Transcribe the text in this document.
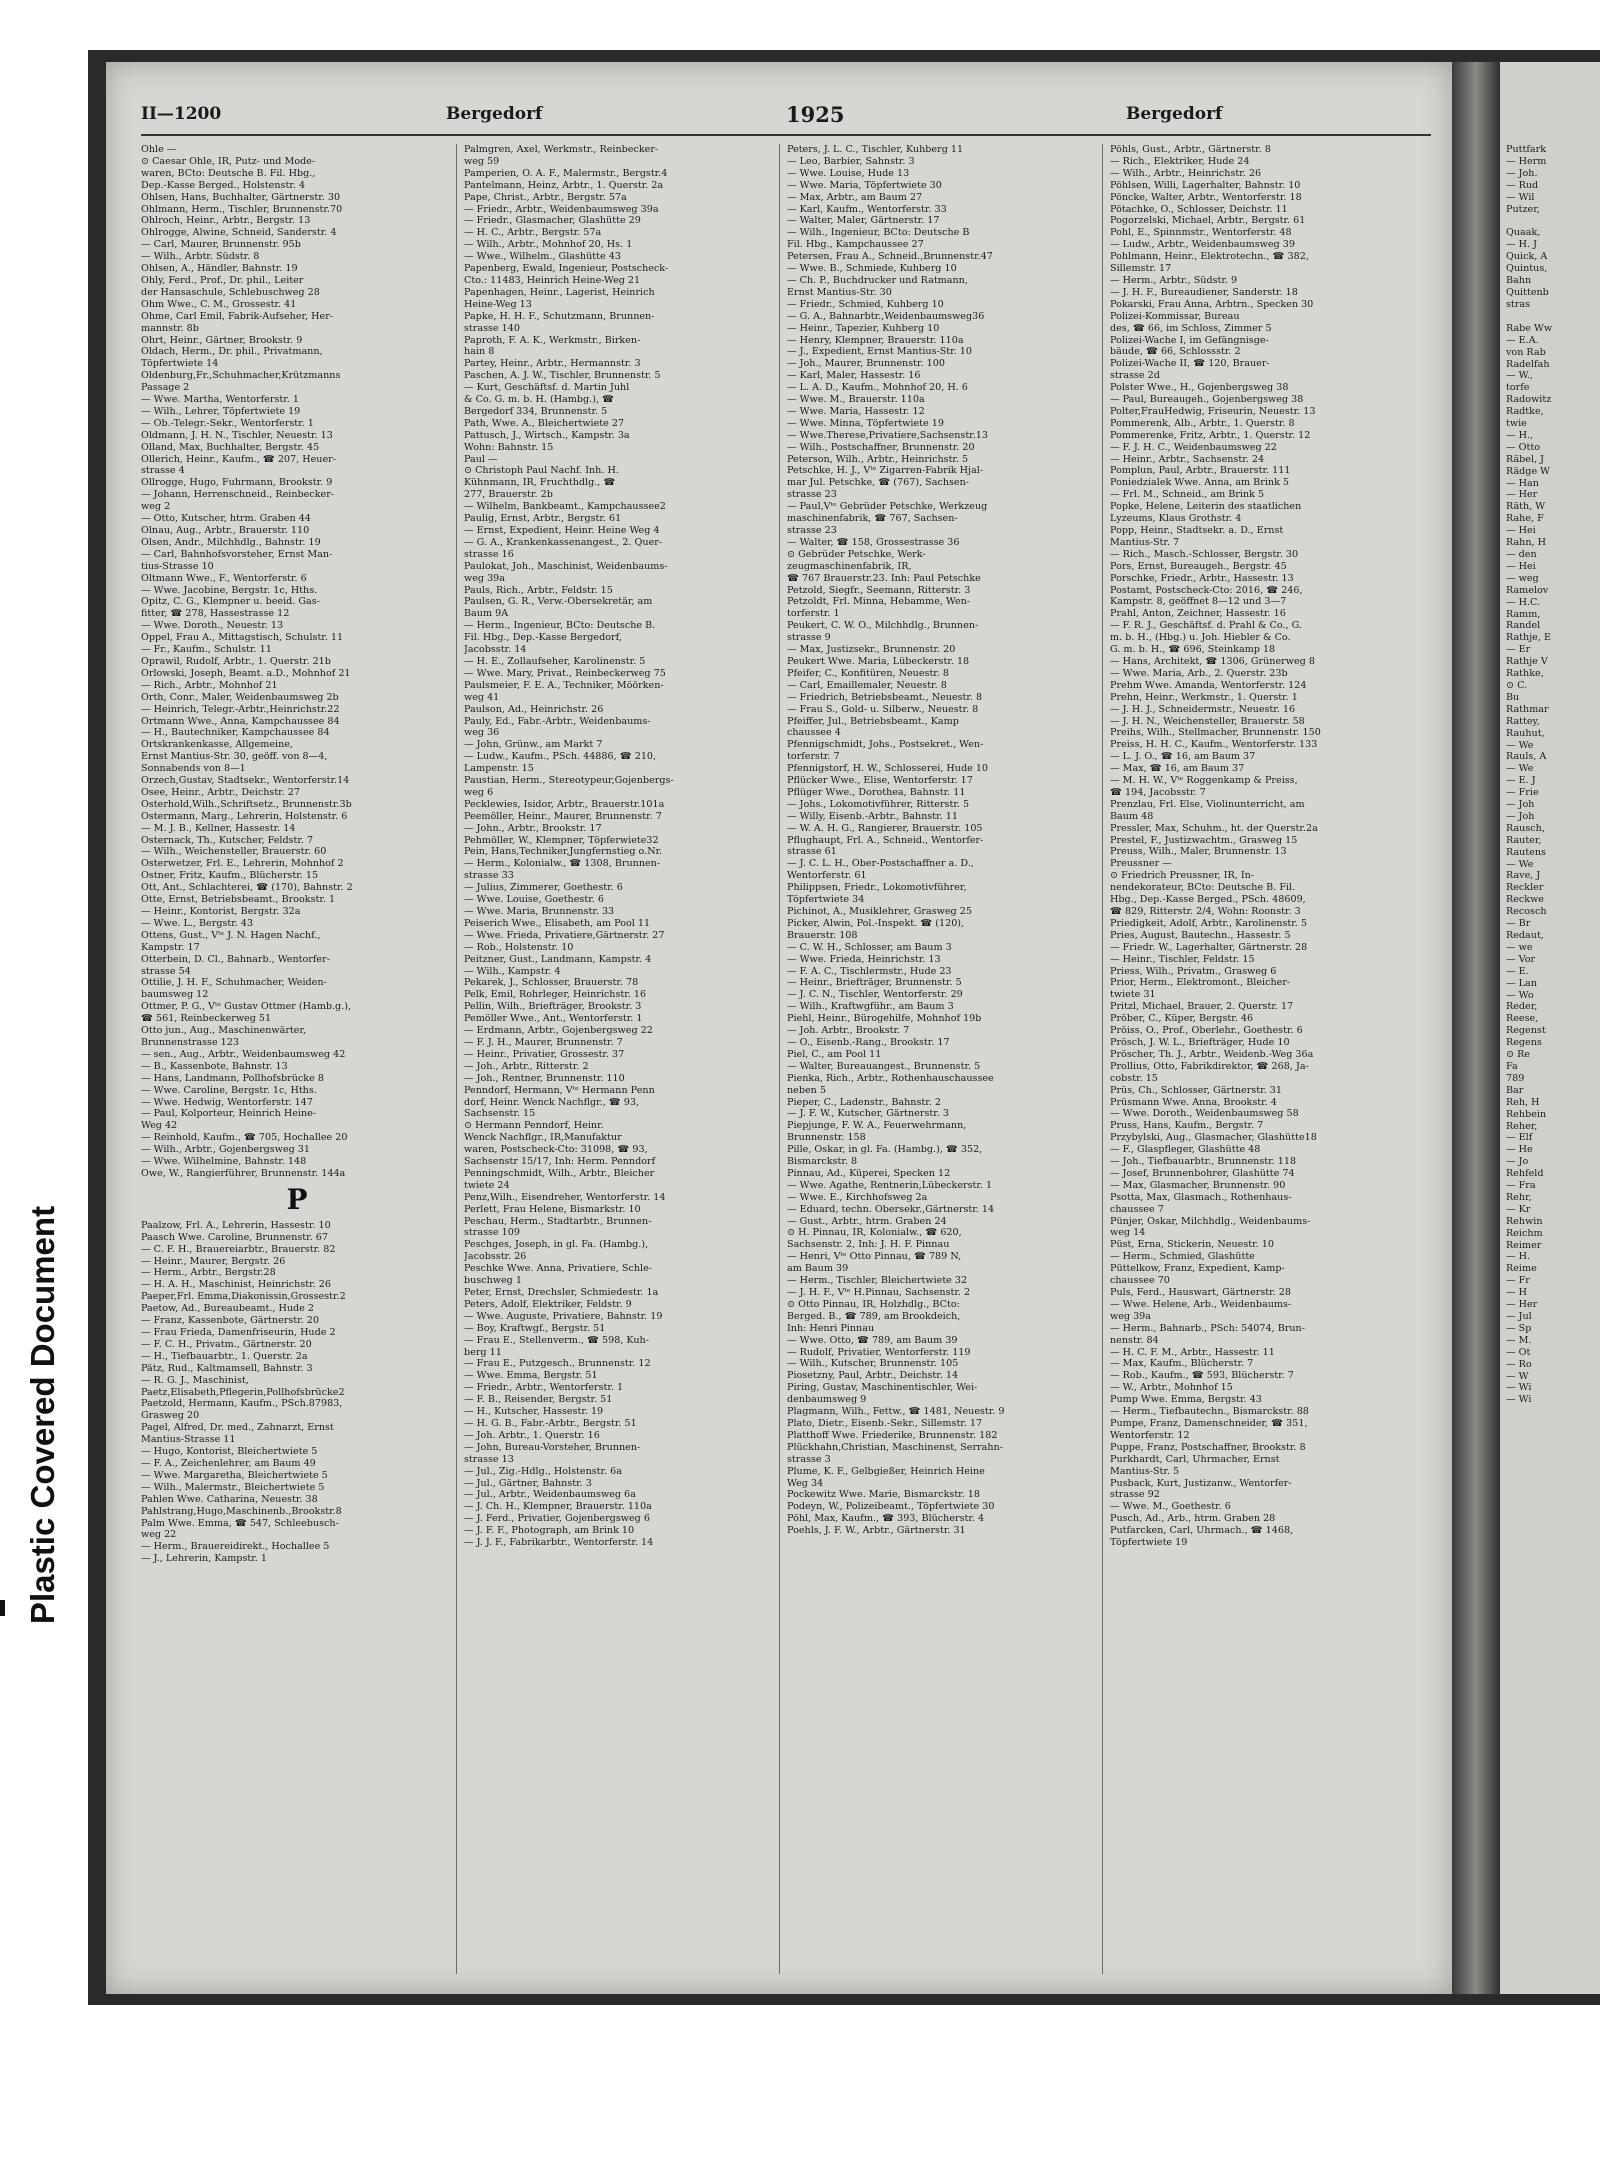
Plastic Covered Document
II—1200	Bergedorf	1925	Bergedorf
Ohle —
⊙ Caesar Ohle, IR, Putz- und Mode-
waren, BCto: Deutsche B. Fil. Hbg.,
Dep.-Kasse Berged., Holstenstr. 4
Ohlsen, Hans, Buchhalter, Gärtnerstr. 30
Ohlmann, Herm., Tischler, Brunnenstr.70
Ohlroch, Heinr., Arbtr., Bergstr. 13
Ohlrogge, Alwine, Schneid, Sanderstr. 4
— Carl, Maurer, Brunnenstr. 95b
— Wilh., Arbtr. Südstr. 8
Ohlsen, A., Händler, Bahnstr. 19
Ohly, Ferd., Prof., Dr. phil., Leiter
der Hansaschule, Schlebuschweg 28
Ohm Wwe., C. M., Grossestr. 41
Ohme, Carl Emil, Fabrik-Aufseher, Her-
mannstr. 8b
Ohrt, Heinr., Gärtner, Brookstr. 9
Oldach, Herm., Dr. phil., Privatmann,
Töpfertwiete 14
Oldenburg,Fr.,Schuhmacher,Krützmanns
Passage 2
— Wwe. Martha, Wentorferstr. 1
— Wilh., Lehrer, Töpfertwiete 19
— Ob.-Telegr.-Sekr., Wentorferstr. 1
Oldmann, J. H. N., Tischler, Neuestr. 13
Olland, Max, Buchhalter, Bergstr. 45
Ollerich, Heinr., Kaufm., ☎ 207, Heuer-
strasse 4
Ollrogge, Hugo, Fuhrmann, Brookstr. 9
— Johann, Herrenschneid., Reinbecker-
weg 2
— Otto, Kutscher, htrm. Graben 44
Olnau, Aug., Arbtr., Brauerstr. 110
Olsen, Andr., Milchhdlg., Bahnstr. 19
— Carl, Bahnhofsvorsteher, Ernst Man-
tius-Strasse 10
Oltmann Wwe., F., Wentorferstr. 6
— Wwe. Jacobine, Bergstr. 1c, Hths.
Opitz, C. G., Klempner u. beeid. Gas-
fitter, ☎ 278, Hassestrasse 12
— Wwe. Doroth., Neuestr. 13
Oppel, Frau A., Mittagstisch, Schulstr. 11
— Fr., Kaufm., Schulstr. 11
Oprawil, Rudolf, Arbtr., 1. Querstr. 21b
Orlowski, Joseph, Beamt. a.D., Mohnhof 21
— Rich., Arbtr., Mohnhof 21
Orth, Conr., Maler, Weidenbaumsweg 2b
— Heinrich, Telegr.-Arbtr.,Heinrichstr.22
Ortmann Wwe., Anna, Kampchaussee 84
— H., Bautechniker, Kampchaussee 84
Ortskrankenkasse, Allgemeine,
Ernst Mantius-Str. 30, geöff. von 8—4,
Sonnabends von 8—1
Orzech,Gustav, Stadtsekr., Wentorferstr.14
Osee, Heinr., Arbtr., Deichstr. 27
Osterhold,Wilh.,Schriftsetz., Brunnenstr.3b
Ostermann, Marg., Lehrerin, Holstenstr. 6
— M. J. B., Kellner, Hassestr. 14
Osternack, Th., Kutscher, Feldstr. 7
— Wilh., Weichensteller, Brauerstr. 60
Osterwetzer, Frl. E., Lehrerin, Mohnhof 2
Ostner, Fritz, Kaufm., Blücherstr. 15
Ott, Ant., Schlachterei, ☎ (170), Bahnstr. 2
Otte, Ernst, Betriebsbeamt., Brookstr. 1
— Heinr., Kontorist, Bergstr. 32a
— Wwe. L., Bergstr. 43
Ottens, Gust., Vᵗᵉ J. N. Hagen Nachf.,
Kampstr. 17
Otterbein, D. Cl., Bahnarb., Wentorfer-
strasse 54
Ottilie, J. H. F., Schuhmacher, Weiden-
baumsweg 12
Ottmer, P. G., Vᵗᵉ Gustav Ottmer (Hamb.g.),
☎ 561, Reinbeckerweg 51
Otto jun., Aug., Maschinenwärter,
Brunnenstrasse 123
— sen., Aug., Arbtr., Weidenbaumsweg 42
— B., Kassenbote, Bahnstr. 13
— Hans, Landmann, Pollhofsbrücke 8
— Wwe. Caroline, Bergstr. 1c, Hths.
— Wwe. Hedwig, Wentorferstr. 147
— Paul, Kolporteur, Heinrich Heine-
Weg 42
— Reinhold, Kaufm., ☎ 705, Hochallee 20
— Wilh., Arbtr., Gojenbergsweg 31
— Wwe. Wilhelmine, Bahnstr. 148
Owe, W., Rangierführer, Brunnenstr. 144a
P
Paalzow, Frl. A., Lehrerin, Hassestr. 10
Paasch Wwe. Caroline, Brunnenstr. 67
— C. F. H., Brauereiarbtr., Brauerstr. 82
— Heinr., Maurer, Bergstr. 26
— Herm., Arbtr., Bergstr.28
— H. A. H., Maschinist, Heinrichstr. 26
Paeper,Frl. Emma,Diakonissin,Grossestr.2
Paetow, Ad., Bureaubeamt., Hude 2
— Franz, Kassenbote, Gärtnerstr. 20
— Frau Frieda, Damenfriseurin, Hude 2
— F. C. H., Privatm., Gärtnerstr. 20
— H., Tiefbauarbtr., 1. Querstr. 2a
Pätz, Rud., Kaltmamsell, Bahnstr. 3
— R. G. J., Maschinist,
Paetz,Elisabeth,Pflegerin,Pollhofsbrücke2
Paetzold, Hermann, Kaufm., PSch.87983,
Grasweg 20
Pagel, Alfred, Dr. med., Zahnarzt, Ernst
Mantius-Strasse 11
— Hugo, Kontorist, Bleichertwiete 5
— F. A., Zeichenlehrer, am Baum 49
— Wwe. Margaretha, Bleichertwiete 5
— Wilh., Malermstr., Bleichertwiete 5
Pahlen Wwe. Catharina, Neuestr. 38
Pahlstrang,Hugo,Maschinenb.,Brookstr.8
Palm Wwe. Emma, ☎ 547, Schleebusch-
weg 22
— Herm., Brauereidirekt., Hochallee 5
— J., Lehrerin, Kampstr. 1
Palmgren, Axel, Werkmstr., Reinbecker-
weg 59
Pamperien, O. A. F., Malermstr., Bergstr.4
Pantelmann, Heinz, Arbtr., 1. Querstr. 2a
Pape, Christ., Arbtr., Bergstr. 57a
— Friedr., Arbtr., Weidenbaumsweg 39a
— Friedr., Glasmacher, Glashütte 29
— H. C., Arbtr., Bergstr. 57a
— Wilh., Arbtr., Mohnhof 20, Hs. 1
— Wwe., Wilhelm., Glashütte 43
Papenberg, Ewald, Ingenieur, Postscheck-
Cto.: 11483, Heinrich Heine-Weg 21
Papenhagen, Heinr., Lagerist, Heinrich
Heine-Weg 13
Papke, H. H. F., Schutzmann, Brunnen-
strasse 140
Paproth, F. A. K., Werkmstr., Birken-
hain 8
Partey, Heinr., Arbtr., Hermannstr. 3
Paschen, A. J. W., Tischler, Brunnenstr. 5
— Kurt, Geschäftsf. d. Martin Juhl
& Co. G. m. b. H. (Hambg.), ☎
Bergedorf 334, Brunnenstr. 5
Path, Wwe. A., Bleichertwiete 27
Pattusch, J., Wirtsch., Kampstr. 3a
Wohn: Bahnstr. 15
Paul —
⊙ Christoph Paul Nachf. Inh. H.
Kühnmann, IR, Fruchthdlg., ☎
277, Brauerstr. 2b
— Wilhelm, Bankbeamt., Kampchaussee2
Paulig, Ernst, Arbtr., Bergstr. 61
— Ernst, Expedient, Heinr. Heine Weg 4
— G. A., Krankenkassenangest., 2. Quer-
strasse 16
Paulokat, Joh., Maschinist, Weidenbaums-
weg 39a
Pauls, Rich., Arbtr., Feldstr. 15
Paulsen, G. R., Verw.-Obersekretär, am
Baum 9A
— Herm., Ingenieur, BCto: Deutsche B.
Fil. Hbg., Dep.-Kasse Bergedorf,
Jacobsstr. 14
— H. E., Zollaufseher, Karolinenstr. 5
— Wwe. Mary, Privat., Reinbeckerweg 75
Paulsmeier, F. E. A., Techniker, Möörken-
weg 41
Paulson, Ad., Heinrichstr. 26
Pauly, Ed., Fabr.-Arbtr., Weidenbaums-
weg 36
— John, Grünw., am Markt 7
— Ludw., Kaufm., PSch. 44886, ☎ 210,
Lampenstr. 15
Paustian, Herm., Stereotypeur,Gojenbergs-
weg 6
Pecklewies, Isidor, Arbtr., Brauerstr.101a
Peemöller, Heinr., Maurer, Brunnenstr. 7
— John., Arbtr., Brookstr. 17
Pehmöller, W., Klempner, Töpferwiete32
Pein, Hans,Techniker,Jungfernstieg o.Nr.
— Herm., Kolonialw., ☎ 1308, Brunnen-
strasse 33
— Julius, Zimmerer, Goethestr. 6
— Wwe. Louise, Goethestr. 6
— Wwe. Maria, Brunnenstr. 33
Peiserich Wwe., Elisabeth, am Pool 11
— Wwe. Frieda, Privatiere,Gärtnerstr. 27
— Rob., Holstenstr. 10
Peitzner, Gust., Landmann, Kampstr. 4
— Wilh., Kampstr. 4
Pekarek, J., Schlosser, Brauerstr. 78
Pelk, Emil, Rohrleger, Heinrichstr. 16
Pellin, Wilh., Briefträger, Brookstr. 3
Pemöller Wwe., Ant., Wentorferstr. 1
— Erdmann, Arbtr., Gojenbergsweg 22
— F. J. H., Maurer, Brunnenstr. 7
— Heinr., Privatier, Grossestr. 37
— Joh., Arbtr., Ritterstr. 2
— Joh., Rentner, Brunnenstr. 110
Penndorf, Hermann, Vᵗᵉ Hermann Penn
dorf, Heinr. Wenck Nachflgr., ☎ 93,
Sachsenstr. 15
⊙ Hermann Penndorf, Heinr.
Wenck Nachflgr., IR,Manufaktur
waren, Postscheck-Cto: 31098, ☎ 93,
Sachsenstr 15/17, Inh: Herm. Penndorf
Penningschmidt, Wilh., Arbtr., Bleicher
twiete 24
Penz,Wilh., Eisendreher, Wentorferstr. 14
Perlett, Frau Helene, Bismarkstr. 10
Peschau, Herm., Stadtarbtr., Brunnen-
strasse 109
Peschges, Joseph, in gl. Fa. (Hambg.),
Jacobsstr. 26
Peschke Wwe. Anna, Privatiere, Schle-
buschweg 1
Peter, Ernst, Drechsler, Schmiedestr. 1a
Peters, Adolf, Elektriker, Feldstr. 9
— Wwe. Auguste, Privatiere, Bahnstr. 19
— Boy, Kraftwgf., Bergstr. 51
— Frau E., Stellenverm., ☎ 598, Kuh-
berg 11
— Frau E., Putzgesch., Brunnenstr. 12
— Wwe. Emma, Bergstr. 51
— Friedr., Arbtr., Wentorferstr. 1
— F. B., Reisender, Bergstr. 51
— H., Kutscher, Hassestr. 19
— H. G. B., Fabr.-Arbtr., Bergstr. 51
— Joh. Arbtr., 1. Querstr. 16
— John, Bureau-Vorsteher, Brunnen-
strasse 13
— Jul., Zig.-Hdlg., Holstenstr. 6a
— Jul., Gärtner, Bahnstr. 3
— Jul., Arbtr., Weidenbaumsweg 6a
— J. Ch. H., Klempner, Brauerstr. 110a
— J. Ferd., Privatier, Gojenbergsweg 6
— J. F. F., Photograph, am Brink 10
— J. J. F., Fabrikarbtr., Wentorferstr. 14
Peters, J. L. C., Tischler, Kuhberg 11
— Leo, Barbier, Sahnstr. 3
— Wwe. Louise, Hude 13
— Wwe. Maria, Töpfertwiete 30
— Max, Arbtr., am Baum 27
— Karl, Kaufm., Wentorferstr. 33
— Walter, Maler, Gärtnerstr. 17
— Wilh., Ingenieur, BCto: Deutsche B
Fil. Hbg., Kampchaussee 27
Petersen, Frau A., Schneid.,Brunnenstr.47
— Wwe. B., Schmiede, Kuhberg 10
— Ch. P., Buchdrucker und Ratmann,
Ernst Mantius-Str. 30
— Friedr., Schmied, Kuhberg 10
— G. A., Bahnarbtr.,Weidenbaumsweg36
— Heinr., Tapezier, Kuhberg 10
— Henry, Klempner, Brauerstr. 110a
— J., Expedient, Ernst Mantius-Str. 10
— Joh., Maurer, Brunnenstr. 100
— Karl, Maler, Hassestr. 16
— L. A. D., Kaufm., Mohnhof 20, H. 6
— Wwe. M., Brauerstr. 110a
— Wwe. Maria, Hassestr. 12
— Wwe. Minna, Töpfertwiete 19
— Wwe.Therese,Privatiere,Sachsenstr.13
— Wilh., Postschaffner, Brunnenstr. 20
Peterson, Wilh., Arbtr., Heinrichstr. 5
Petschke, H. J., Vᵗᵉ Zigarren-Fabrik Hjal-
mar Jul. Petschke, ☎ (767), Sachsen-
strasse 23
— Paul,Vᵗᵉ Gebrüder Petschke, Werkzeug
maschinenfabrik, ☎ 767, Sachsen-
strasse 23
— Walter, ☎ 158, Grossestrasse 36
⊙ Gebrüder Petschke, Werk-
zeugmaschinenfabrik, IR,
☎ 767 Brauerstr.23. Inh: Paul Petschke
Petzold, Siegfr., Seemann, Ritterstr. 3
Petzoldt, Frl. Minna, Hebamme, Wen-
torferstr. 1
Peukert, C. W. O., Milchhdlg., Brunnen-
strasse 9
— Max, Justizsekr., Brunnenstr. 20
Peukert Wwe. Maria, Lübeckerstr. 18
Pfeifer, C., Konfitüren, Neuestr. 8
— Carl, Emaillemaler, Neuestr. 8
— Friedrich, Betriebsbeamt., Neuestr. 8
— Frau S., Gold- u. Silberw., Neuestr. 8
Pfeiffer, Jul., Betriebsbeamt., Kamp
chaussee 4
Pfennigschmidt, Johs., Postsekret., Wen-
torferstr. 7
Pfennigstorf, H. W., Schlosserei, Hude 10
Pflücker Wwe., Elise, Wentorferstr. 17
Pflüger Wwe., Dorothea, Bahnstr. 11
— Johs., Lokomotivführer, Ritterstr. 5
— Willy, Eisenb.-Arbtr., Bahnstr. 11
— W. A. H. G., Rangierer, Brauerstr. 105
Pflughaupt, Frl. A., Schneid., Wentorfer-
strasse 61
— J. C. L. H., Ober-Postschaffner a. D.,
Wentorferstr. 61
Philippsen, Friedr., Lokomotivführer,
Töpfertwiete 34
Pichinot, A., Musiklehrer, Grasweg 25
Picker, Alwin, Pol.-Inspekt. ☎ (120),
Brauerstr. 108
— C. W. H., Schlosser, am Baum 3
— Wwe. Frieda, Heinrichstr. 13
— F. A. C., Tischlermstr., Hude 23
— Heinr., Briefträger, Brunnenstr. 5
— J. C. N., Tischler, Wentorferstr. 29
— Wilh., Kraftwgführ., am Baum 3
Piehl, Heinr., Bürogehilfe, Mohnhof 19b
— Joh. Arbtr., Brookstr. 7
— O., Eisenb.-Rang., Brookstr. 17
Piel, C., am Pool 11
— Walter, Bureauangest., Brunnenstr. 5
Pienka, Rich., Arbtr., Rothenhauschaussee
neben 5
Pieper, C., Ladenstr., Bahnstr. 2
— J. F. W., Kutscher, Gärtnerstr. 3
Piepjunge, F. W. A., Feuerwehrmann,
Brunnenstr. 158
Pille, Oskar, in gl. Fa. (Hambg.), ☎ 352,
Bismarckstr. 8
Pinnau, Ad., Küperei, Specken 12
— Wwe. Agathe, Rentnerin,Lübeckerstr. 1
— Wwe. E., Kirchhofsweg 2a
— Eduard, techn. Obersekr.,Gärtnerstr. 14
— Gust., Arbtr., htrm. Graben 24
⊙ H. Pinnau, IR, Kolonialw., ☎ 620,
Sachsenstr. 2, Inh: J. H. F. Pinnau
— Henri, Vᵗᵉ Otto Pinnau, ☎ 789 N,
am Baum 39
— Herm., Tischler, Bleichertwiete 32
— J. H. F., Vᵗᵉ H.Pinnau, Sachsenstr. 2
⊙ Otto Pinnau, IR, Holzhdlg., BCto:
Berged. B., ☎ 789, am Brookdeich,
Inh: Henri Pinnau
— Wwe. Otto, ☎ 789, am Baum 39
— Rudolf, Privatier, Wentorferstr. 119
— Wilh., Kutscher, Brunnenstr. 105
Piosetzny, Paul, Arbtr., Deichstr. 14
Piring, Gustav, Maschinentischler, Wei-
denbaumsweg 9
Plagmann, Wilh., Fettw., ☎ 1481, Neuestr. 9
Plato, Dietr., Eisenb.-Sekr., Sillemstr. 17
Platthoff Wwe. Friederike, Brunnenstr. 182
Plückhahn,Christian, Maschinenst, Serrahn-
strasse 3
Plume, K. F., Gelbgießer, Heinrich Heine
Weg 34
Pockewitz Wwe. Marie, Bismarckstr. 18
Podeyn, W., Polizeibeamt., Töpfertwiete 30
Pöhl, Max, Kaufm., ☎ 393, Blücherstr. 4
Poehls, J. F. W., Arbtr., Gärtnerstr. 31
Pöhls, Gust., Arbtr., Gärtnerstr. 8
— Rich., Elektriker, Hude 24
— Wilh., Arbtr., Heinrichstr. 26
Pöhlsen, Willi, Lagerhalter, Bahnstr. 10
Pöncke, Walter, Arbtr., Wentorferstr. 18
Pötachke, O., Schlosser, Deichstr. 11
Pogorzelski, Michael, Arbtr., Bergstr. 61
Pohl, E., Spinnmstr., Wentorferstr. 48
— Ludw., Arbtr., Weidenbaumsweg 39
Pohlmann, Heinr., Elektrotechn., ☎ 382,
Sillemstr. 17
— Herm., Arbtr., Südstr. 9
— J. H. F., Bureaudiener, Sanderstr. 18
Pokarski, Frau Anna, Arbtrn., Specken 30
Polizei-Kommissar, Bureau
des, ☎ 66, im Schloss, Zimmer 5
Polizei-Wache I, im Gefängnisge-
bäude, ☎ 66, Schlossstr. 2
Polizei-Wache II, ☎ 120, Brauer-
strasse 2d
Polster Wwe., H., Gojenbergsweg 38
— Paul, Bureaugeh., Gojenbergsweg 38
Polter,FrauHedwig, Friseurin, Neuestr. 13
Pommerenk, Alb., Arbtr., 1. Querstr. 8
Pommerenke, Fritz, Arbtr., 1. Querstr. 12
— F. J. H. C., Weidenbaumsweg 22
— Heinr., Arbtr., Sachsenstr. 24
Pomplun, Paul, Arbtr., Brauerstr. 111
Poniedzialek Wwe. Anna, am Brink 5
— Frl. M., Schneid., am Brink 5
Popke, Helene, Leiterin des staatlichen
Lyzeums, Klaus Grothstr. 4
Popp, Heinr., Stadtsekr. a. D., Ernst
Mantius-Str. 7
— Rich., Masch.-Schlosser, Bergstr. 30
Pors, Ernst, Bureaugeh., Bergstr. 45
Porschke, Friedr., Arbtr., Hassestr. 13
Postamt, Postscheck-Cto: 2016, ☎ 246,
Kampstr. 8, geöffnet 8—12 und 3—7
Prahl, Anton, Zeichner, Hassestr. 16
— F. R. J., Geschäftsf. d. Prahl & Co., G.
m. b. H., (Hbg.) u. Joh. Hiebler & Co.
G. m. b. H., ☎ 696, Steinkamp 18
— Hans, Architekt, ☎ 1306, Grünerweg 8
— Wwe. Maria, Arb., 2. Querstr. 23b
Prehm Wwe. Amanda, Wentorferstr. 124
Prehn, Heinr., Werkmstr., 1. Querstr. 1
— J. H. J., Schneidermstr., Neuestr. 16
— J. H. N., Weichensteller, Brauerstr. 58
Preihs, Wilh., Stellmacher, Brunnenstr. 150
Preiss, H. H. C., Kaufm., Wentorferstr. 133
— L. J. O., ☎ 16, am Baum 37
— Max, ☎ 16, am Baum 37
— M. H. W., Vᵗᵉ Roggenkamp & Preiss,
☎ 194, Jacobsstr. 7
Prenzlau, Frl. Else, Violinunterricht, am
Baum 48
Pressler, Max, Schuhm., ht. der Querstr.2a
Prestel, F., Justizwachtm., Grasweg 15
Preuss, Wilh., Maler, Brunnenstr. 13
Preussner —
⊙ Friedrich Preussner, IR, In-
nendekorateur, BCto: Deutsche B. Fil.
Hbg., Dep.-Kasse Berged., PSch. 48609,
☎ 829, Ritterstr. 2/4, Wohn: Roonstr. 3
Priedigkeit, Adolf, Arbtr., Karolinenstr. 5
Pries, August, Bautechn., Hassestr. 5
— Friedr. W., Lagerhalter, Gärtnerstr. 28
— Heinr., Tischler, Feldstr. 15
Priess, Wilh., Privatm., Grasweg 6
Prior, Herm., Elektromont., Bleicher-
twiete 31
Pritzl, Michael, Brauer, 2. Querstr. 17
Pröber, C., Küper, Bergstr. 46
Pröiss, O., Prof., Oberlehr., Goethestr. 6
Prösch, J. W. L., Briefträger, Hude 10
Pröscher, Th. J., Arbtr., Weidenb.-Weg 36a
Prollius, Otto, Fabrikdirektor, ☎ 268, Ja-
cobstr. 15
Prüs, Ch., Schlosser, Gärtnerstr. 31
Prüsmann Wwe. Anna, Brookstr. 4
— Wwe. Doroth., Weidenbaumsweg 58
Pruss, Hans, Kaufm., Bergstr. 7
Przybylski, Aug., Glasmacher, Glashütte18
— F., Glaspfleger, Glashütte 48
— Joh., Tiefbauarbtr., Brunnenstr. 118
— Josef, Brunnenbohrer, Glashütte 74
— Max, Glasmacher, Brunnenstr. 90
Psotta, Max, Glasmach., Rothenhaus-
chaussee 7
Pünjer, Oskar, Milchhdlg., Weidenbaums-
weg 14
Püst, Erna, Stickerin, Neuestr. 10
— Herm., Schmied, Glashütte
Püttelkow, Franz, Expedient, Kamp-
chaussee 70
Puls, Ferd., Hauswart, Gärtnerstr. 28
— Wwe. Helene, Arb., Weidenbaums-
weg 39a
— Herm., Bahnarb., PSch: 54074, Brun-
nenstr. 84
— H. C. F. M., Arbtr., Hassestr. 11
— Max, Kaufm., Blücherstr. 7
— Rob., Kaufm., ☎ 593, Blücherstr. 7
— W., Arbtr., Mohnhof 15
Pump Wwe. Emma, Bergstr. 43
— Herm., Tiefbautechn., Bismarckstr. 88
Pumpe, Franz, Damenschneider, ☎ 351,
Wentorferstr. 12
Puppe, Franz, Postschaffner, Brookstr. 8
Purkhardt, Carl, Uhrmacher, Ernst
Mantius-Str. 5
Pusback, Kurt, Justizanw., Wentorfer-
strasse 92
— Wwe. M., Goethestr. 6
Pusch, Ad., Arb., htrm. Graben 28
Putfarcken, Carl, Uhrmach., ☎ 1468,
Töpfertwiete 19
Puttfark
— Herm
— Joh.
— Rud
— Wil
Putzer,
Quaak,
— H. J
Quick, A
Quintus,
Bahn
Quittenb
stras
Rabe Ww
— E.A.
von Rab
Radelfah
— W.,
torfe
Radowitz
Radtke,
twie
— H.,
— Otto
Räbel, J
Rädge W
— Han
— Her
Räth, W
Rahe, F
— Hei
Rahn, H
— den
— Hei
— weg
Ramelov
— H.C.
Ramm,
Randel
Rathje, E
— Er
Rathje V
Rathke,
⊙ C.
Bu
Rathmar
Rattey,
Rauhut,
— We
Rauls, A
— We
— E. J
— Frie
— Joh
— Joh
Rausch,
Rauter,
Rautens
— We
Rave, J
Reckler
Reckwe
Recosch
— Br
Redaut,
— we
— Vor
— E.
— Lan
— Wo
Reder,
Reese,
Regenst
Regens
⊙ Re
Fa
789
Bar
Reh, H
Rehbein
Reher,
— Elf
— He
— Jo
Rehfeld
— Fra
Rehr,
— Kr
Rehwin
Reichm
Reimer
— H.
Reime
— Fr
— H
— Her
— Jul
— Sp
— M.
— Ot
— Ro
— W
— Wi
— Wi
